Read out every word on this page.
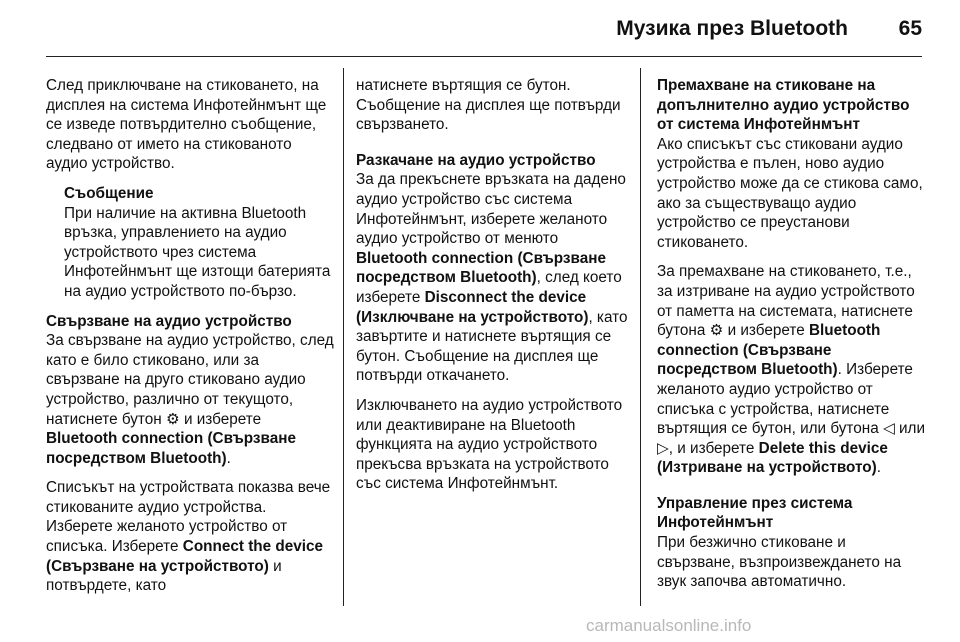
Музика през Bluetooth 65

След приключване на стиковането, на дисплея на система Инфотейнмънт ще се изведе потвърдително съобщение, следвано от името на стикованото аудио устройство.

Съобщение

При наличие на активна Bluetooth връзка, управлението на аудио устройството чрез система Инфотейнмънт ще изтощи батерията на аудио устройството по-бързо.

Свързване на аудио устройство

За свързване на аудио устройство, след като е било стиковано, или за свързване на друго стиковано аудио устройство, различно от текущото, натиснете бутон ⚙ и изберете Bluetooth connection (Свързване посредством Bluetooth).

Списъкът на устройствата показва вече стикованите аудио устройства. Изберете желаното устройство от списъка. Изберете Connect the device (Свързване на устройството) и потвърдете, като

натиснете въртящия се бутон. Съобщение на дисплея ще потвърди свързването.

Разкачане на аудио устройство

За да прекъснете връзката на дадено аудио устройство със система Инфотейнмънт, изберете желаното аудио устройство от менюто Bluetooth connection (Свързване посредством Bluetooth), след което изберете Disconnect the device (Изключване на устройството), като завъртите и натиснете въртящия се бутон. Съобщение на дисплея ще потвърди откачането.

Изключването на аудио устройството или деактивиране на Bluetooth функцията на аудио устройството прекъсва връзката на устройството със система Инфотейнмънт.

Премахване на стиковане на допълнително аудио устройство от система Инфотейнмънт

Ако списъкът със стиковани аудио устройства е пълен, ново аудио устройство може да се стикова само, ако за съществуващо аудио устройство се преустанови стиковането.

За премахване на стиковането, т.е., за изтриване на аудио устройството от паметта на системата, натиснете бутона ⚙ и изберете Bluetooth connection (Свързване посредством Bluetooth). Изберете желаното аудио устройство от списъка с устройства, натиснете въртящия се бутон, или бутона ◁ или ▷, и изберете Delete this device (Изтриване на устройството).

Управление през система Инфотейнмънт

При безжично стиковане и свързване, възпроизвеждането на звук започва автоматично.

carmanualsonline.info
